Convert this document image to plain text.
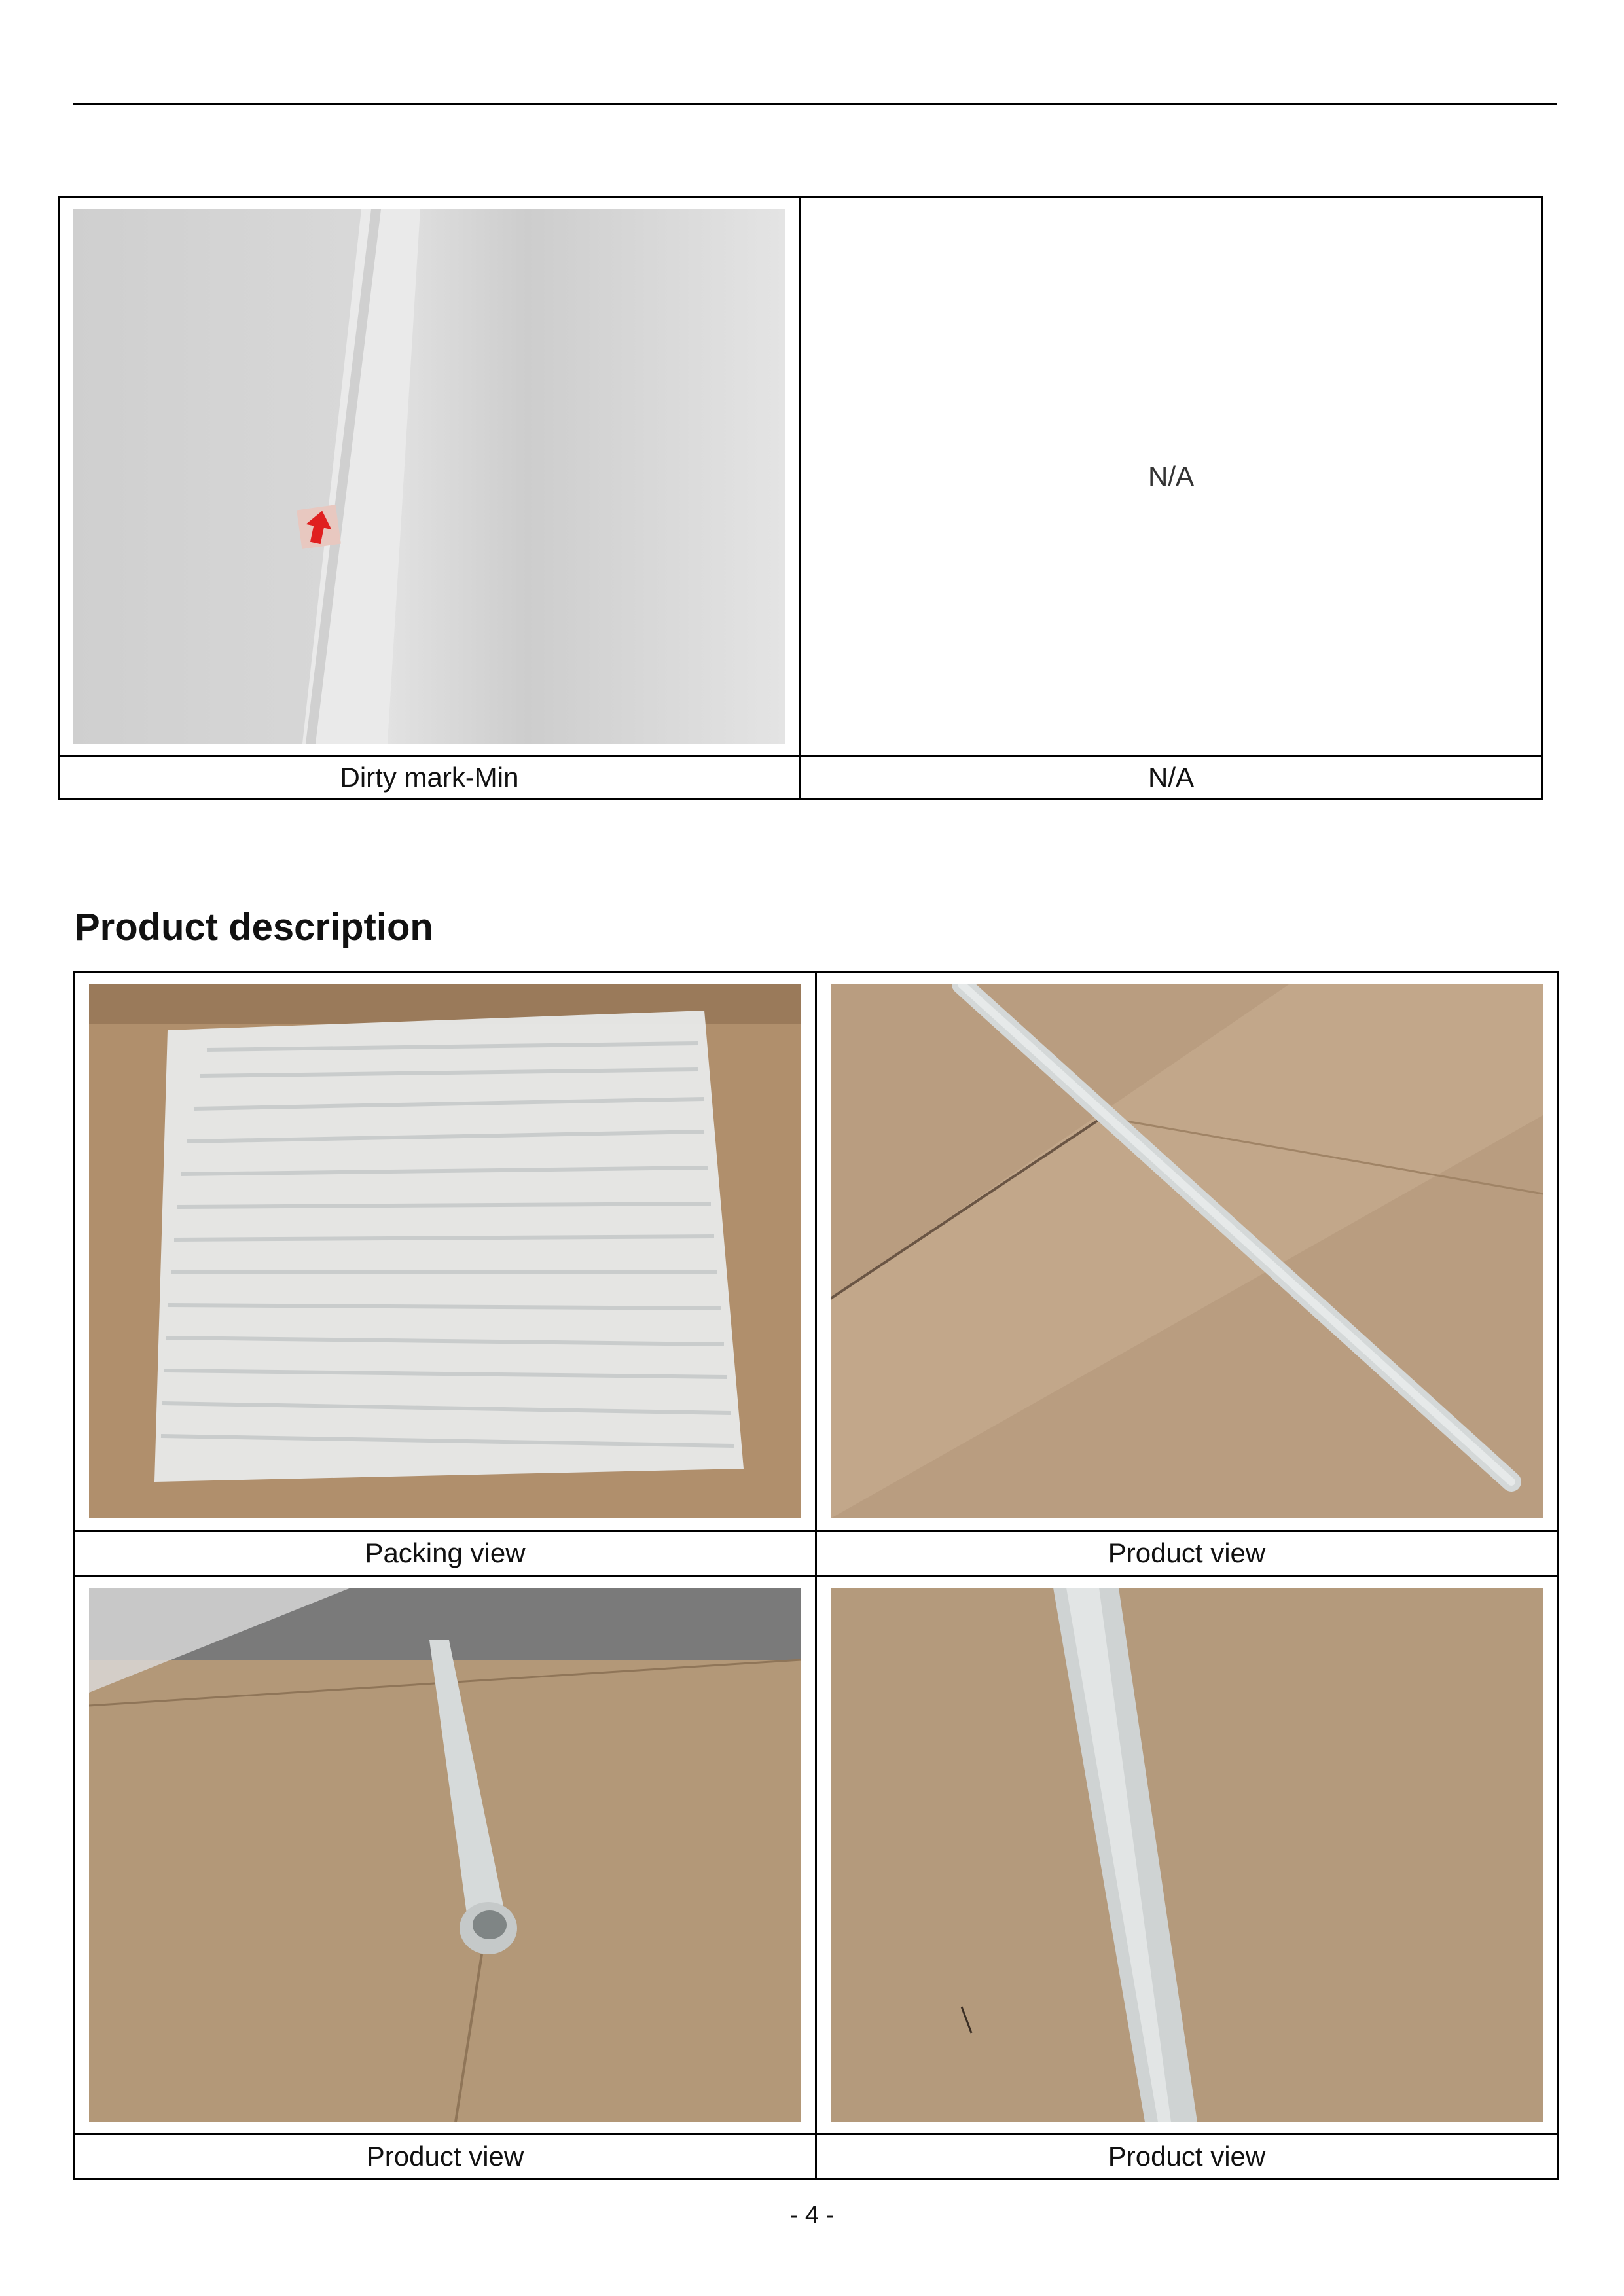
	N/A
Dirty mark-Min	N/A
Product description

Packing view	Product view

Product view	Product view
- 4 -
